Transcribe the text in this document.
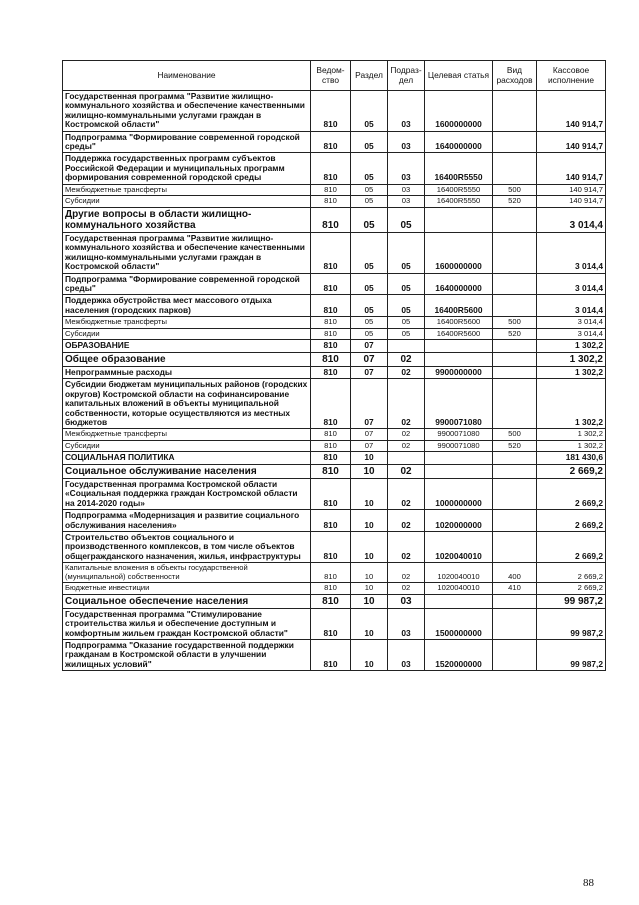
Наименование	Ведом-ство	Раздел	Подраз-дел	Целевая статья	Вид расходов	Кассовое исполнение
Государственная программа "Развитие жилищно-коммунального хозяйства и обеспечение качественными жилищно-коммунальными услугами граждан в Костромской области"	810	05	03	1600000000		140 914,7
Подпрограмма "Формирование современной городской среды"	810	05	03	1640000000		140 914,7
Поддержка государственных программ субъектов Российской Федерации и муниципальных программ формирования современной городской среды	810	05	03	16400R5550		140 914,7
Межбюджетные трансферты	810	05	03	16400R5550	500	140 914,7
Субсидии	810	05	03	16400R5550	520	140 914,7
Другие вопросы в области жилищно-коммунального хозяйства	810	05	05			3 014,4
Государственная программа "Развитие жилищно-коммунального хозяйства и обеспечение качественными жилищно-коммунальными услугами граждан в Костромской области"	810	05	05	1600000000		3 014,4
Подпрограмма "Формирование современной городской среды"	810	05	05	1640000000		3 014,4
Поддержка обустройства мест массового отдыха населения (городских парков)	810	05	05	16400R5600		3 014,4
Межбюджетные трансферты	810	05	05	16400R5600	500	3 014,4
Субсидии	810	05	05	16400R5600	520	3 014,4
ОБРАЗОВАНИЕ	810	07				1 302,2
Общее образование	810	07	02			1 302,2
Непрограммные расходы	810	07	02	9900000000		1 302,2
Субсидии бюджетам муниципальных районов (городских округов) Костромской области на софинансирование капитальных вложений в объекты муниципальной собственности, которые осуществляются из местных бюджетов	810	07	02	9900071080		1 302,2
Межбюджетные трансферты	810	07	02	9900071080	500	1 302,2
Субсидии	810	07	02	9900071080	520	1 302,2
СОЦИАЛЬНАЯ ПОЛИТИКА	810	10				181 430,6
Социальное обслуживание населения	810	10	02			2 669,2
Государственная программа Костромской области «Социальная поддержка граждан Костромской области на 2014-2020 годы»	810	10	02	1000000000		2 669,2
Подпрограмма «Модернизация и развитие социального обслуживания населения»	810	10	02	1020000000		2 669,2
Строительство объектов социального и производственного комплексов, в том числе объектов общегражданского назначения, жилья, инфраструктуры	810	10	02	1020040010		2 669,2
Капитальные вложения в объекты государственной (муниципальной) собственности	810	10	02	1020040010	400	2 669,2
Бюджетные инвестиции	810	10	02	1020040010	410	2 669,2
Социальное обеспечение населения	810	10	03			99 987,2
Государственная программа "Стимулирование строительства жилья и обеспечение доступным и комфортным жильем граждан Костромской области"	810	10	03	1500000000		99 987,2
Подпрограмма "Оказание государственной поддержки гражданам в Костромской области в улучшении жилищных условий"	810	10	03	1520000000		99 987,2
88
